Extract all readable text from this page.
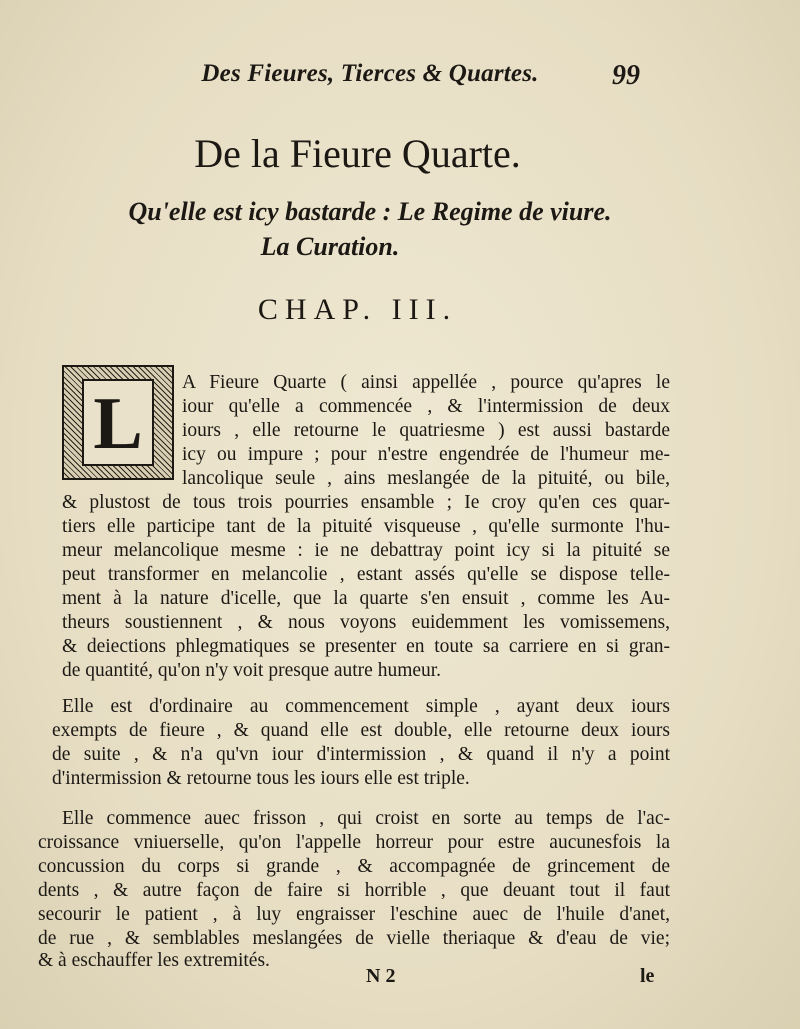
Des Fieures, Tierces & Quartes.	99
De la Fieure Quarte.
Qu'elle est icy bastarde : Le Regime de viure.
La Curation.
CHAP. III.
L
A Fieure Quarte ( ainsi appellée , pource qu'apres le
iour qu'elle a commencée , & l'intermission de deux
iours , elle retourne le quatriesme ) est aussi bastarde
icy ou impure ; pour n'estre engendrée de l'humeur me-
lancolique seule , ains meslangée de la pituité, ou bile,
& plustost de tous trois pourries ensamble ; Ie croy qu'en ces quar-
tiers elle participe tant de la pituité visqueuse , qu'elle surmonte l'hu-
meur melancolique mesme : ie ne debattray point icy si la pituité se
peut transformer en melancolie , estant assés qu'elle se dispose telle-
ment à la nature d'icelle, que la quarte s'en ensuit , comme les Au-
theurs soustiennent , & nous voyons euidemment les vomissemens,
& deiections phlegmatiques se presenter en toute sa carriere en si gran-
de quantité, qu'on n'y voit presque autre humeur.
Elle est d'ordinaire au commencement simple , ayant deux iours
exempts de fieure , & quand elle est double, elle retourne deux iours
de suite , & n'a qu'vn iour d'intermission , & quand il n'y a point
d'intermission & retourne tous les iours elle est triple.
Elle commence auec frisson , qui croist en sorte au temps de l'ac-
croissance vniuerselle, qu'on l'appelle horreur pour estre aucunesfois la
concussion du corps si grande , & accompagnée de grincement de
dents , & autre façon de faire si horrible , que deuant tout il faut
secourir le patient , à luy engraisser l'eschine auec de l'huile d'anet,
de rue , & semblables meslangées de vielle theriaque & d'eau de vie;
& à eschauffer les extremités.
N 2	le
